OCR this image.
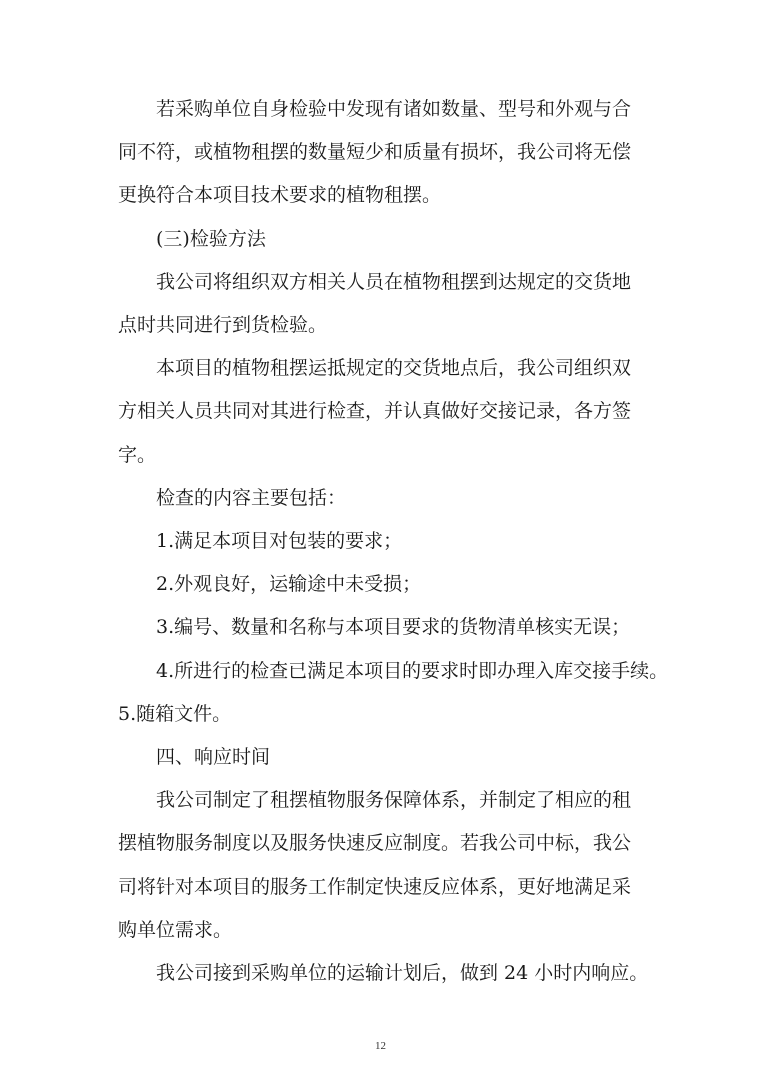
若采购单位自身检验中发现有诸如数量、型号和外观与合
同不符，或植物租摆的数量短少和质量有损坏，我公司将无偿
更换符合本项目技术要求的植物租摆。
(三)检验方法
我公司将组织双方相关人员在植物租摆到达规定的交货地
点时共同进行到货检验。
本项目的植物租摆运抵规定的交货地点后，我公司组织双
方相关人员共同对其进行检查，并认真做好交接记录，各方签
字。
检查的内容主要包括：
1.满足本项目对包装的要求；
2.外观良好，运输途中未受损；
3.编号、数量和名称与本项目要求的货物清单核实无误；
4.所进行的检查已满足本项目的要求时即办理入库交接手续。
5.随箱文件。
四、响应时间
我公司制定了租摆植物服务保障体系，并制定了相应的租
摆植物服务制度以及服务快速反应制度。若我公司中标，我公
司将针对本项目的服务工作制定快速反应体系，更好地满足采
购单位需求。
我公司接到采购单位的运输计划后，做到 24 小时内响应。
12
